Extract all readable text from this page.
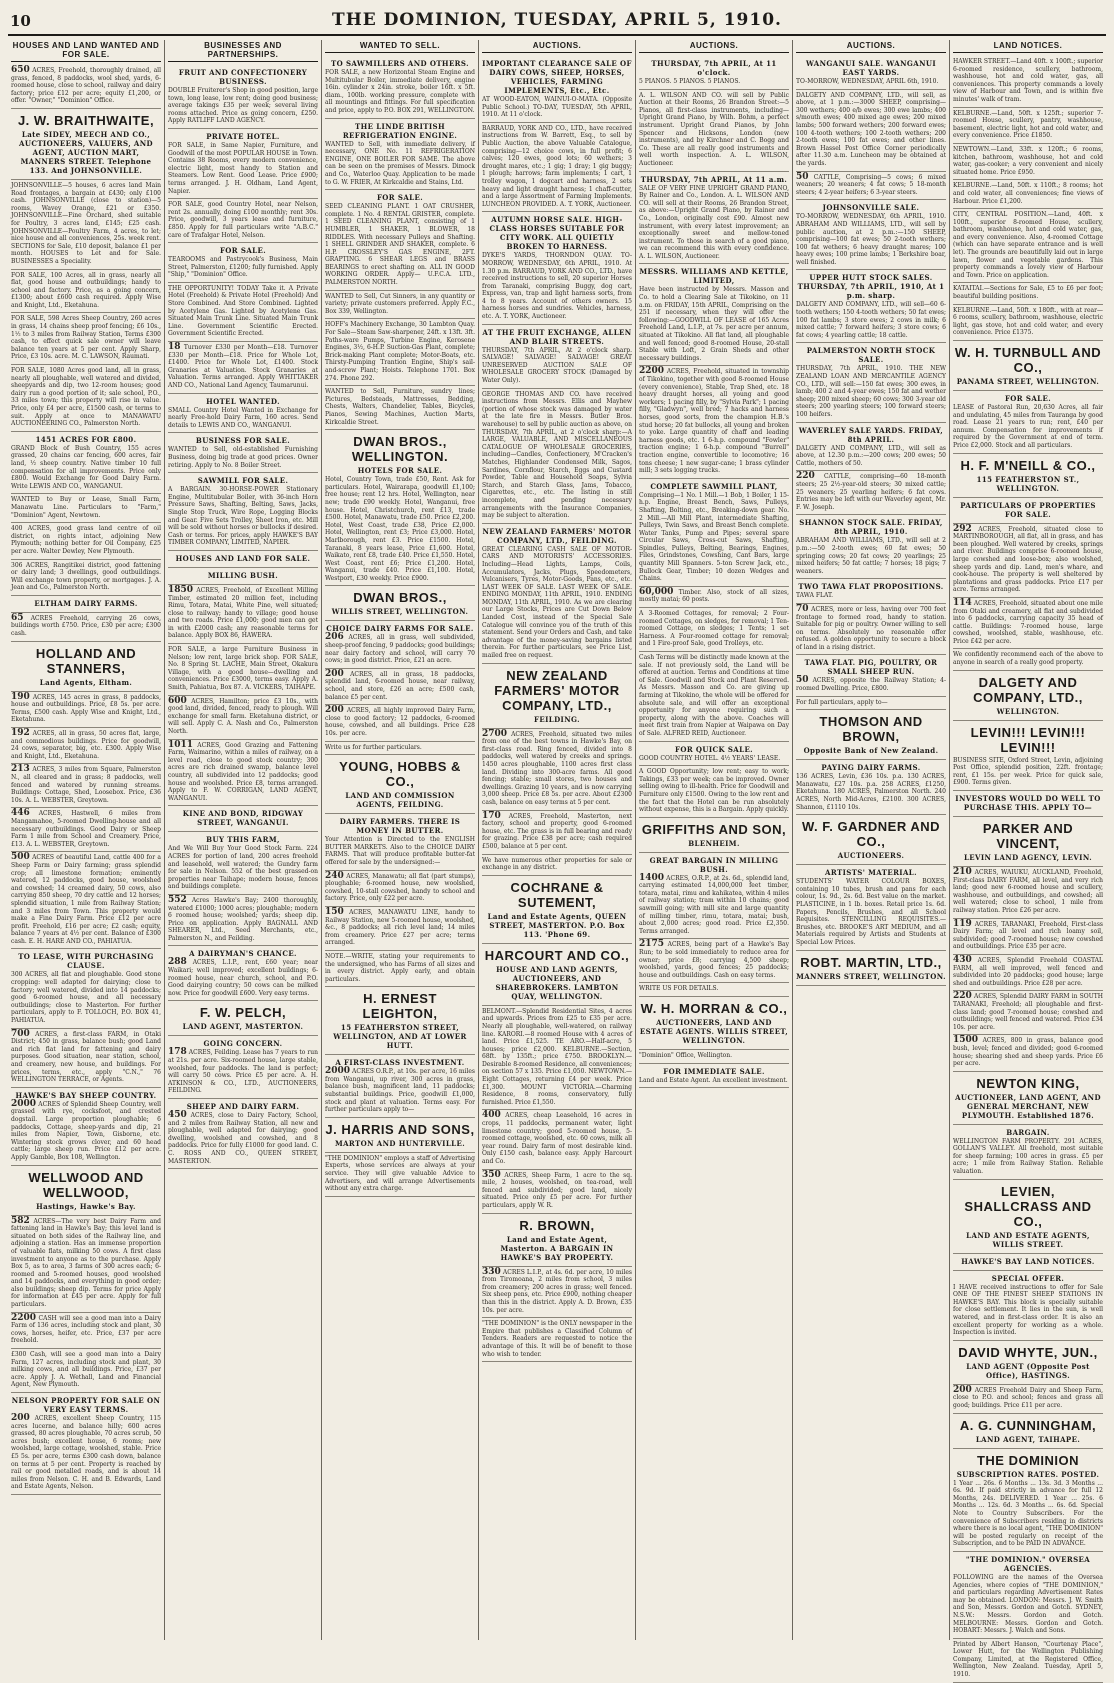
10	THE DOMINION, TUESDAY, APRIL 5, 1910.
HOUSES AND LAND WANTED AND FOR SALE.
650 ACRES, Freehold, thoroughly drained, all grass, fenced, 8 paddocks, wool shed, yards, 6-roomed house, close to school, railway and dairy factory; price £12 per acre; equity £1,200, or offer. "Owner," "Dominion" Office.
J. W. BRAITHWAITE,
Late SIDEY, MEECH AND CO., AUCTIONEERS, VALUERS, AND AGENT, AUCTION MART, MANNERS STREET. Telephone 133. And JOHNSONVILLE.
JOHNSONVILLE—5 houses, 6 acres land Main Road frontages, a bargain at £430; only £100 cash. JOHNSONVILLE (close to station)—5 rooms, Wavey Orange, £21 or £350. JOHNSONVILLE—Fine Orchard, shed suitable for Poultry, 3 acres land, £145; £25 cash. JOHNSONVILLE—Poultry Farm, 4 acres, to let; nice house and all conveniences, 25s. week rent. SECTIONS for Sale, £10 deposit, balance £1 per month. HOUSES to Let and for Sale. BUSINESSES a Speciality.
FOR SALE, 100 Acres, all in grass, nearly all flat, good house and outbuildings; handy to school and factory. Price, as a going concern, £1300; about £600 cash required. Apply Wise and Knight, Ltd., Eketahuna.
FOR SALE, 598 Acres Sheep Country, 260 acres in grass, 14 chains sheep proof fencing; £6 10s., 1½ to 3 miles from Railway Station, Terms £300 cash, to effect quick sale owner will leave balance ten years at 5 per cent. Apply Sharp, Price, £3 10s. acre. M. C. LAWSON, Raumati.
FOR SALE, 1080 Acres good land, all in grass, nearly all ploughable, well watered and divided, sheepyards and dip, two 12-room houses; good dairy run a good portion of it; sale school, P.O., 33 miles town; this property will rise in value. Price, only £4 per acre, £1500 cash, or terms to suit. Apply at once to MANAWATU AUCTIONEERING CO., Palmerston North.
1451 ACRES FOR £800.
GRAND Block of Bush Country, 155 acres grassed, 20 chains car fencing, 600 acres, fair land, ½ sheep country. Native timber 10 full compensation for all improvements. Price only £800. Would Exchange for Good Dairy Farm. Write LEWIS AND CO., WANGANUI.
WANTED to Buy or Lease, Small Farm, Manawatu Line. Particulars to "Farm," "Dominion" Agent, Newtown.
400 ACRES, good grass land centre of oil district, on rights intact, adjoining New Plymouth; nothing better for Oil Company, £25 per acre. Walter Dewley, New Plymouth.
306 ACRES, Rangitikei district, good fattening or dairy land; 3 dwellings, good outbuildings. Will exchange town property, or mortgages. J. A. Jean and Co., Palmerston North.
ELTHAM DAIRY FARMS.
65 ACRES Freehold, carrying 26 cows, buildings worth £750. Price, £30 per acre; £300 cash.
HOLLAND AND STANNERS,
Land Agents, Eltham.
190 ACRES, 145 acres in grass, 8 paddocks, house and outbuildings. Price, £8 5s. per acre. Terms, £500 cash. Apply Wise and Knight, Ltd., Eketahuna.
192 ACRES, all in grass, 50 acres flat, large, and commodious buildings. Price for goodwill, 24 cows, separator, big, etc. £300. Apply Wise and Knight, Ltd., Eketahuna.
213 ACRES, 3 miles from Square, Palmerston N., all cleared and in grass; 8 paddocks, well fenced and watered by running streams. Buildings: Cottage, Shed, Loosebox. Price, £36 10s. A. L. WEBSTER, Greytown.
446 ACRES, Hastwell, 6 miles from Mangamahoe, 5-roomed Dwelling-house and all necessary outbuildings. Good Dairy or Sheep Farm 1 mile from School and Creamery. Price, £13. A. L. WEBSTER, Greytown.
500 ACRES of beautiful Land, cattle 400 for a Sheep Farm or Dairy farming; grass splendid crop; all limestone formation; eminently watered, 12 paddocks, good house, woolshed and cowshed; 14 creamed dairy, 50 cows, also carrying 850 sheep, 70 dry cattle and 12 horses; splendid situation, 1 mile from Railway Station; and 3 miles from Town. This property would make a Fine Dairy Farm. Price £12 per acre profit. Freehold, £16 per acre; £2 cash; equity, balance 7 years at 4½ per cent. Balance of £300 cash. E. H. HARE AND CO., PAHIATUA.
TO LEASE, WITH PURCHASING CLAUSE.
300 ACRES, all flat and ploughable. Good stone cropping: well adapted for dairying; close to factory; well watered, divided into 14 paddocks; good 6-roomed house, and all necessary outbuildings; close to Masterton. For further particulars, apply to F. TOLLOCH, P.O. BOX 41, PAHIATUA.
700 ACRES, a first-class FARM, in Otaki District; 450 in grass, balance bush; good Land and rich flat land for fattening and dairy purposes. Good situation, near station, school, and creamery, new house, and buildings. For prices, terms, etc., apply "C.N.," 76 WELLINGTON TERRACE, or Agents.
HAWKE'S BAY SHEEP COUNTRY.
2000 ACRES of Splendid Sheep Country, well grassed with rye, cocksfoot, and crested dogstail. Large proportion ploughable; 6 paddocks, Cottage, sheep-yards and dip, 21 miles from Napier, Town, Gisborne, etc. Wintering stock grows clover, and 60 head cattle; large sheep run. Price £12 per acre. Apply Gamble, Box 108, Wellington.
WELLWOOD AND WELLWOOD,
Hastings, Hawke's Bay.
582 ACRES—The very best Dairy Farm and fattening land in Hawke's Bay; this level land is situated on both sides of the Railway line, and adjoining a station. Has an immense proportion of valuable flats, milking 50 cows. A first class investment to anyone as to the purchase. Apply Box 5, as to area, 3 farms of 300 acres each; 6-roomed and 5-roomed houses, good woolshed and 14 paddocks, and everything in good order; also buildings; sheep dip. Terms for price Apply for information at £45 per acre. Apply for full particulars.
2200 CASH will see a good man into a Dairy Farm of 136 acres, including stock and plant, 30 cows, horses, heifer, etc. Price, £37 per acre freehold.
£300 Cash, will see a good man into a Dairy Farm, 127 acres, including stock and plant, 30 milking cows, and all buildings. Price, £37 per acre. Apply J. A. Wethall, Land and Financial Agent, New Plymouth.
NELSON PROPERTY FOR SALE ON VERY EASY TERMS.
200 ACRES, excellent Sheep Country, 115 acres lucerne, and balance hilly; 600 acres grassed, 80 acres ploughable, 70 acres scrub, 50 acres bush; excellent house, 6 rooms; new woolshed, large cottage, woolshed, stable. Price £5 5s. per acre, terms £300 cash down, balance on terms at 5 per cent. Property is reached by rail or good metalled roads, and is about 14 miles from Nelson. C. H. and B. Edwards, Land and Estate Agents, Nelson.
BUSINESSES AND PARTNERSHIPS.
FRUIT AND CONFECTIONERY BUSINESS.
DOUBLE Fruiterer's Shop in good position, large town, long lease, low rent; doing good business; average takings £35 per week; several living rooms attached. Price as going concern, £250. Apply RATLIFF LAND AGENCY.
PRIVATE HOTEL.
FOR SALE, in Same Napier, Furniture, and Goodwill of the most POPULAR HOUSE in Town. Contains 38 Rooms, every modern convenience, electric light, most handy to Station and Steamers. Low Rent. Good Lease. Price £900; terms arranged. J. H. Oldham, Land Agent, Napier.
FOR SALE, good Country Hotel, near Nelson, rent 2s. annually, doing £100 monthly; rent 30s. Price, goodwill, 3 years lease and furniture, £850. Apply for full particulars write "A.B.C." care of Trafalgar Hotel, Nelson.
FOR SALE.
TEAROOMS and Pastrycook's Business, Main Street, Palmerston, £1200; fully furnished. Apply "Ship," "Dominion" Office.
THE OPPORTUNITY! TODAY Take it. A Private Hotel (Freehold) & Private Hotel (Freehold) And Store Combined. And Store Combined. Lighted by Acetylene Gas. Lighted by Acetylene Gas. Situated Main Trunk Line. Situated Main Trunk Line. Government Scientific Erected. Government Scientific Erected.
18 Turnover £330 per Month—£18. Turnover £330 per Month—£18. Price for Whole Lot, £1400. Price for Whole Lot, £1400. Stock Granaries at Valuation. Stock Granaries at Valuation. Terms arranged. Apply WHITTAKER AND CO., National Land Agency, Taumarunui.
HOTEL WANTED.
SMALL Country Hotel Wanted in Exchange for nearly Free-hold Dairy Farm, 160 acres. Send details to LEWIS AND CO., WANGANUI.
BUSINESS FOR SALE.
WANTED to Sell, old-established Furnishing Business, doing big trade at good prices. Owner retiring. Apply to No. 8 Boiler Street.
SAWMILL FOR SALE.
A BARGAIN. 30-HORSE-POWER Stationary Engine, Multitubular Boiler, with 36-inch Horn Pressure Saws, Shafting, Belting, Saws, Jacks, Single Stop Truck, Wire Rope, Logging Blocks and Gear. Five Sets Trolley, Sheet Iron, etc. Mill will be sold without horses or bullocks if desired. Cash or terms. For prices, apply HAWKE'S BAY TIMBER COMPANY, LIMITED, NAPIER.
HOUSES AND LAND FOR SALE.
MILLING BUSH.
1850 ACRES, Freehold, of Excellent Milling Timber, estimated 20 million feet, including Rimu, Totara, Matai, White Pine, well situated; close to railway; handy to village; good house and two roads. Price £1,000; good men can get in with £2000 cash; any reasonable terms for balance. Apply BOX 86, HAWERA.
FOR SALE, a large Furniture Business in Nelson; low rent, large brick shop. FOR SALE, No. 8 Spring St. LACHE, Main Street, Okakura Village, with a good house—dwelling and conveniences. Price £3000, terms easy. Apply A. Smith, Pahiatua, Box 87. A. VICKERS, TAIHAPE.
600 ACRES, Hamilton; price £3 10s., with good land, divided, fenced, ready to plough. Will exchange for small farm. Eketahuna district, or will sell. Apply C. A. Nash and Co., Palmerston North.
1011 ACRES, Good Grazing and Fattening Farm, Waimarino, within a miles of railway, on a level road, close to good stock country; 300 acres are rich drained swamp, balance level country, all subdivided into 12 paddocks; good house and woolshed. Price £8, terms arranged. Apply to F. W. CORRIGAN, LAND AGENT, WANGANUI.
KINE AND BOND, RIDGWAY STREET, WANGANUI.
BUY THIS FARM,
And We Will Buy Your Good Stock Farm. 224 ACRES for portion of land, 200 acres freehold and leasehold, well watered; the Gundry farm for sale in Nelson. 552 of the best grassed-on properties near Taihape; modern house, fences and buildings complete.
552 Acres Hawke's Bay; 2400 thoroughly, watered £1000; 1000 acres; ploughable; modern 6 roomed house; woolshed; yards; sheep dip. Price on application. Apply BAGNALL AND SHEARER, Ltd., Seed Merchants, etc., Palmerston N., and Feilding.
A DAIRYMAN'S CHANCE.
288 ACRES, L.I.P., rent, £60 year; near Waikari; well improved; excellent buildings; 6-roomed house, near church, school, and P.O. Good dairying country; 50 cows can be milked now. Price for goodwill £600. Very easy terms.
F. W. PELCH,
LAND AGENT, MASTERTON.
GOING CONCERN.
178 ACRES, Feilding. Lease has 7 years to run at 21s. per acre. Six-roomed house, large stable, woolshed, four paddocks. The land is perfect; will carry 50 cows. Price £5 per acre. A. H. ATKINSON & CO., LTD., AUCTIONEERS, FEILDING.
SHEEP AND DAIRY FARM.
450 ACRES, close to Dairy Factory, School, and 2 miles from Railway Station, all new and ploughable, well adapted for dairying; good dwelling, woolshed and cowshed, and 8 paddocks. Price for fully £1000 for good land. C. C. ROSS AND CO., QUEEN STREET, MASTERTON.
WANTED TO SELL.
TO SAWMILLERS AND OTHERS.
FOR SALE, a new Horizontal Steam Engine and Multitubular Boiler, immediate delivery, engine 16in. cylinder x 24in. stroke, boiler 16ft. x 5ft. diam., 100lb. working pressure, complete with all mountings and fittings. For full specification and price, apply to P.O. BOX 291, WELLINGTON.
THE LINDE BRITISH REFRIGERATION ENGINE.
WANTED to Sell, with immediate delivery, if necessary, ONE No. 11 REFRIGERATION ENGINE, ONE BOILER FOR SAME. The above can be seen on the premises of Messrs. Dimock and Co., Waterloo Quay. Application to be made to G. W. FRIER, At Kirkcaldie and Stains, Ltd.
FOR SALE.
SEED CLEANING PLANT. 1 OAT CRUSHER, complete. 1 No. 4 RENTAL GRISTER, complete. 1 SEED CLEANING PLANT, consisting of 1 HUMBLER, 1 SHAKER, 1 BLOWER, 18 RIDDLES. With necessary Pulleys and Shafting. 1 SHELL GRINDER AND SHAKER, complete. 6 H.P. CROSSLEY'S GAS ENGINE, 2FT. GRAPTING. 6 SHEAR LEGS and BRASS BEARINGS to erect shafting on. ALL IN GOOD WORKING ORDER. Apply— U.F.C.A. LTD., PALMERSTON NORTH.
WANTED to Sell, Cut Sinners, in any quantity or variety; private customers preferred. Apply F.C., Box 339, Wellington.
HOFF's Machinery Exchange, 30 Lambton Quay. For Sale—Steam Saw-sharpener, 24ft. x 13ft. 3ft. Paths-ware Pumps, Turbine Engine, Kerosene Engines, 3½, 6-H.P. Suction-Gas Plant, complete; Brick-making Plant complete; Motor-Boats, etc. Thirsty-Pumping Trantion Engine, Ship's sail-and-screw Plant; Hoists. Telephone 1701. Box 274. Phone 292.
WANTED to Sell, Furniture, sundry lines; Pictures, Bedsteads, Mattresses, Bedding, Chests, Walters, Chandelier, Tables, Bicycles, Pianos, Sewing Machines, Auction Marts, Kirkcaldie Street.
DWAN BROS., WELLINGTON.
HOTELS FOR SALE.
Hotel, Country Town, trade £50, Rent. Ask for particulars. Hotel, Wairarapa, goodwill £1,100; free house; rent 12 hrs. Hotel, Wellington, near new; trade £90 weekly. Hotel, Wanganui, free house. Hotel, Christchurch, rent £13, trade £500. Hotel, Manawatu, trade £50. Price £2,200. Hotel, West Coast, trade £38, Price £2,000. Hotel, Wellington, rent £3; Price £3,000. Hotel, Marlborough, rent £3. Price £1500. Hotel, Taranaki, 8 years lease, Price £1,600. Hotel, Waikato, rent £8, trade £40. Price £1,550. Hotel, West Coast, rent £6; Price £1,200. Hotel, Wanganui, trade £40. Price £1,100. Hotel, Westport, £30 weekly. Price £900.
DWAN BROS.,
WILLIS STREET, WELLINGTON.
CHOICE DAIRY FARMS FOR SALE.
206 ACRES, all in grass, well subdivided, sheep-proof fencing, 9 paddocks; good buildings; near dairy factory and school, will carry 70 cows; in good district. Price, £21 an acre.
200 ACRES, all in grass, 18 paddocks, splendid land, 6-roomed house, near railway, school, and store, £26 an acre; £500 cash, balance £5 per cent.
200 ACRES, all highly improved Dairy Farm, close to good factory; 12 paddocks, 6-roomed house, cowshed, and all buildings. Price £28 10s. per acre.
Write us for further particulars.
YOUNG, HOBBS & CO.,
LAND AND COMMISSION AGENTS, FEILDING.
DAIRY FARMERS. THERE IS MONEY IN BUTTER.
Your Attention is Directed to the ENGLISH BUTTER MARKETS. Also to the CHOICE DAIRY FARMS. That will produce profitable butter-fat offered for sale by the undersigned:—
240 ACRES, Manawatu; all flat (part stumps), ploughable; 6-roomed house, new woolshed, cowshed, 10-stall cowshed, handy to school and factory. Price, only £22 per acre.
150 ACRES, MANAWATU LINE, handy to Railway Station, new 5-roomed house, woolshed, &c., 8 paddocks; all rich level land; 14 miles from creamery. Price £27 per acre; terms arranged.
NOTE.—WRITE, stating your requirements to the undersigned, who has Farms of all sizes and in every district. Apply early, and obtain particulars.
H. ERNEST LEIGHTON,
15 FEATHERSTON STREET, WELLINGTON, AND AT LOWER HUTT.
A FIRST-CLASS INVESTMENT.
2000 ACRES O.R.P., at 10s. per acre, 16 miles from Wanganui, up river, 300 acres in grass, balance bush, magnificent land, 11 paddocks; substantial buildings. Price, goodwill £1,000, stock and plant at valuation. Terms easy. For further particulars apply to—
J. HARRIS AND SONS,
MARTON AND HUNTERVILLE.
"THE DOMINION" employs a staff of Advertising Experts, whose services are always at your service. They will give valuable Advice to Advertisers, and will arrange Advertisements without any extra charge.
AUCTIONS.
IMPORTANT CLEARANCE SALE OF DAIRY COWS, SHEEP, HORSES, VEHICLES, FARMING IMPLEMENTS, Etc., Etc.
AT WOOD-EATON, WAINUI-O-MATA. (Opposite Public School.) TO-DAY, TUESDAY, 5th APRIL, 1910. At 11 o'clock.
BARRAUD, YORK AND CO., LTD., have received instructions from W. Barrett, Esq., to sell by Public Auction, the above Valuable Catalogue, comprising—12 choice cows, in full profit; 6 calves; 120 ewes, good lots; 60 wethers; 3 drought mares, etc.; 1 gig; 1 dray; 1 gig buggy; 1 plough; harrows; farm implements; 1 cart, 1 trolley wagon, 1 dogcart and harness, 2 sets heavy and light draught harness; 1 chaff-cutter, and a large Assortment of Farming Implements. LUNCHEON PROVIDED. A. T. YORK, Auctioneer.
AUTUMN HORSE SALE. HIGH-CLASS HORSES SUITABLE FOR CITY WORK. ALL QUIETLY BROKEN TO HARNESS.
DYKE'S YARDS, THORNDON QUAY. TO-MORROW, WEDNESDAY, 6th APRIL, 1910. At 1.30 p.m. BARRAUD, YORK AND CO., LTD., have received instructions to sell, 20 superior Horses from Taranaki, comprising Buggy, dog cart, Express, van, trap and light harness sorts, from 4 to 8 years. Account of others owners. 15 harness horses and sundries. Vehicles, harness, etc. A. T. YORK, Auctioneer.
AT THE FRUIT EXCHANGE, ALLEN AND BLAIR STREETS.
THURSDAY, 7th APRIL, At 2 o'clock sharp. SALVAGE! SALVAGE! SALVAGE! GREAT UNRESERVED AUCTION SALE OF WHOLESALE GROCERY STOCK (Damaged by Water Only).
GEORGE THOMAS AND CO. have received instructions from Messrs. Ellis and Mayhew (portion of whose stock was damaged by water at the late fire in Messrs. Butler Bros. warehouse) to sell by public auction as above, on THURSDAY, 7th APRIL, at 2 o'clock sharp:—A LARGE, VALUABLE, AND MISCELLANEOUS CATALOGUE OF WHOLESALE GROCERIES, including—Candles, Confectionery, M'Cracken's Matches, Highlander Condensed Milk, Sagos, Sardines, Cornflour, Starch, Eggs and Custard Powder, Table and Household Soaps, Sylvia Starch, and Starch Glass, Jams, Tobacco, Cigarettes, etc., etc. The listing in still incomplete, and pending necessary arrangements with the Insurance Companies, may be subject to alteration.
NEW ZEALAND FARMERS' MOTOR COMPANY, LTD., FEILDING.
GREAT CLEARING CASH SALE OF MOTOR-CARS AND MOTORISTS' ACCESSORIES. Including—Head Lights, Lamps, Coils, Accumulators, Jacks, Plugs, Speedometers, Vulcanisers, Tyres, Motor-Goods, Pans, etc., etc. LAST WEEK OF SALE. LAST WEEK OF SALE. ENDING MONDAY, 11th APRIL, 1910. ENDING MONDAY, 11th APRIL, 1910. As we are clearing our Large Stocks, Prices are Cut Down Below Landed Cost, instead of the Special Sale Catalogue will convince you of the truth of this statement. Send your Orders and Cash, and take advantage of the money-saving bargains listed therein. For further particulars, see Price List, mailed free on request.
NEW ZEALAND FARMERS' MOTOR COMPANY, LTD.,
FEILDING.
2700 ACRES, Freehold, situated two miles from one of the best towns in Hawke's Bay, on first-class road. Ring fenced, divided into 8 paddocks, well watered by creeks and springs. 1450 acres ploughable, 1100 acres first class land. Dividing into 300-acre farms. All good fencing; stable; small stores, two houses and dwellings. Grazing 10 years, and is now carrying 3,000 sheep. Price £8 5s. per acre. About £2300 cash, balance on easy terms at 5 per cent.
170 ACRES, Freehold, Masterton, next factory, school and property, good 6-roomed house, etc. The grass is in full bearing and ready for grazing. Price £38 per acre; cash required £500, balance at 5 per cent.
We have numerous other properties for sale or exchange in any district.
COCHRANE & SUTEMENT,
Land and Estate Agents, QUEEN STREET, MASTERTON. P.O. Box 113. 'Phone 69.
HARCOURT AND CO.,
HOUSE AND LAND AGENTS, AUCTIONEERS, AND SHAREBROKERS. LAMBTON QUAY, WELLINGTON.
BELMONT.—Splendid Residential Sites, 4 acres and upwards. Prices from £25 to £35 per acre. Nearly all ploughable, well-watered, on railway line. KARORI.—8 roomed House with 4 acres of land. Price £1,525. TE ARO.—Half-acre, 5 houses; price £2,000. KELBURNE.—Section, 68ft. by 135ft.; price £750. BROOKLYN.—Desirable 8-roomed Residence, all conveniences; on section 57 x 135. Price £1,050. NEWTOWN.—Eight Cottages, returning £4 per week. Price £1,300. MOUNT VICTORIA.—Charming Residence, 8 rooms, conservatory, fully furnished. Price £1,550.
400 ACRES, cheap Leasehold, 16 acres in crops, 11 paddocks, permanent water, light limestone country; good 5-roomed house, 5-roomed cottage, woolshed, etc. 60 cows, milk all year round. Dairy farm of most desirable kind. Only £150 cash, balance easy. Apply Harcourt and Co.
350 ACRES, Sheep Farm, 1 acre to the sq. mile, 2 houses, woolshed, on tea-road, well fenced and subdivided; good land, nicely situated. Price only £5 per acre. For further particulars, apply W. R.
R. BROWN,
Land and Estate Agent, Masterton. A BARGAIN IN HAWKE'S BAY PROPERTY.
330 ACRES L.I.P., at 4s. 6d. per acre, 10 miles from Tiromoana, 2 miles from school, 3 miles from creamery; 200 acres in grass; well fenced. Six sheep pens, etc. Price £900, nothing cheaper than this in the district. Apply A. D. Brown, £35 10s. per acre.
"THE DOMINION" is the ONLY newspaper in the Empire that publishes a Classified Column of Tenders. Readers are requested to notice the advantage of this. It will be of benefit to those who wish to tender.
AUCTIONS.
THURSDAY, 7th APRIL, At 11 o'clock.
5 PIANOS. 5 PIANOS. 5 PIANOS.
A. L. WILSON AND CO. will sell by Public Auction at their Rooms, 26 Brandon Street:—5 Pianos, all first-class instruments, including—Upright Grand Piano, by Wilh. Bohm, a perfect instrument. Upright Grand Pianos, by John Spencer and Hicksons, London (new instruments), and by Kirchner and C. Bogg and Co. These are all really good instruments and well worth inspection. A. L. WILSON, Auctioneer.
THURSDAY, 7th APRIL, At 11 a.m.
SALE OF VERY FINE UPRIGHT GRAND PIANO, By Rainer and Co., London. A. L. WILSON AND CO. will sell at their Rooms, 26 Brandon Street, as above:—Upright Grand Piano, by Rainer and Co., London, originally cost £90. Almost new instrument, with every latest improvement; an exceptionally sweet and mellow-toned instrument. To those in search of a good piano, we can recommend this with every confidence. A. L. WILSON, Auctioneer.
MESSRS. WILLIAMS AND KETTLE, LIMITED,
Have been instructed by Messrs. Masson and Co. to hold a Clearing Sale at Tikokino, on 11 a.m. on FRIDAY, 15th APRIL, Comprising on the 251 if necessary, when they will offer the following:—GOODWILL OF LEASE of 165 Acres Freehold Land, L.I.P., at 7s. per acre per annum, situated at Tikokino. All flat land, all ploughable and well fenced; good 8-roomed House, 20-stall Stable with Loft, 2 Grain Sheds and other necessary buildings.
2200 ACRES, Freehold, situated in township of Tikokino, together with good 8-roomed House (every convenience), Stable, Trap Shed, etc. 18 heavy draught horses, all young and good workers; 1 pacing filly, by "Sylvia Park"; 1 pacing filly, "Gladwyn", well bred; 7 hacks and harness horses, good sorts, from the champion H.B.'s stud horse; 20 fat bullocks, all young and broken to yoke. Large quantity of chaff and leading harness goods, etc. 1 6-h.p. compound "Fowler" traction engine; 1 6-h.p. compound "Burrell" traction engine, convertible to locomotive; 16 tons cheese; 1 new sugar-cane; 1 brass cylinder mill; 3 sets logging trucks.
COMPLETE SAWMILL PLANT,
Comprising—1 No. 1 Mill.—1 Bob, 1 Boiler, 1 15-h.p. Engine, Breast Bench, Saws, Pulleys, Shafting, Bolting, etc., Breaking-down gear. No. 2 Mill.—All Mill Plant, intermediate Shafting, Pulleys, Twin Saws, and Breast Bench complete. Water Tanks, Pump and Pipes; several spare Circular Saws, Cross-cut Saws, Shafting, Spindles, Pulleys, Belting, Bearings, Engines, Files, Grindstones, Cowshing, Cant Bars, large quantity Mill Spanners. 5-ton Screw Jack, etc., Bullock Gear, Timber; 10 dozen Wedges and Chains.
60,000 Timber. Also, stock of all sizes, mostly matai; 60 posts.
A 3-Roomed Cottages, for removal; 2 Four-roomed Cottages, on sledges, for removal; 1 Ten-roomed Cottage, on sledges; 1 Tents; 1 set Harness. A Four-roomed cottage for removal; and 1 Fire-proof Sale, good Trolleys, etc.
Cash Terms will be distinctly made known at the sale. If not previously sold, the Land will be offered at auction. Terms and Conditions at time of Sale. Goodwill and Stock and Plant Reserved. As Messrs. Masson and Co. are giving up farming at Tikokino, the whole will be offered for absolute sale, and will offer an exceptional opportunity for anyone requiring such a property, along with the above. Coaches will meet first train from Napier at Waipawa on Day of Sale. ALFRED REID, Auctioneer.
FOR QUICK SALE.
GOOD COUNTRY HOTEL. 4½ YEARS' LEASE.
A GOOD Opportunity; low rent; easy to work; Takings, £33 per week; can be improved. Owner selling owing to ill-health. Price for Goodwill and Furniture only £1500. Owing to the low rent and the fact that the Hotel can be run absolutely without expense, this is a Bargain. Apply quickly.
GRIFFITHS AND SON,
BLENHEIM.
GREAT BARGAIN IN MILLING BUSH.
1400 ACRES, O.R.P., at 2s. 6d., splendid land, carrying estimated 14,000,000 feet timber, totara, matai, rimu and kahikatea, within 4 miles of railway station; tram within 10 chains; good sawmill going; with mill site and large quantity of milling timber, rimu, totara, matai; bush, about 2,000 acres; good road. Price £2,350. Terms arranged.
2175 ACRES, being part of a Hawke's Bay Run; to be sold immediately to reduce area for owner; price £8; carrying 4,500 sheep; woolshed, yards, good fences; 25 paddocks; house and outbuildings. Cash on easy terms.
WRITE US FOR DETAILS.
W. H. MORRAN & CO.,
AUCTIONEERS, LAND AND ESTATE AGENTS. WILLIS STREET, WELLINGTON.
"Dominion" Office, Wellington.
FOR IMMEDIATE SALE.
Land and Estate Agent. An excellent investment.
AUCTIONS.
WANGANUI SALE. WANGANUI EAST YARDS.
TO-MORROW, WEDNESDAY, APRIL 6th, 1910.
DALGETY AND COMPANY, LTD., will sell, as above, at 1 p.m.:—3000 SHEEP, comprising—300 wethers; 400 e/b ewes; 300 ewe lambs; 400 s/mouth ewes; 400 mixed age ewes; 200 mixed lambs; 500 forward wethers; 200 forward ewes; 100 4-tooth wethers; 100 2-tooth wethers; 200 2-tooth ewes; 100 fat ewes; and other lines. Brown Hassel Post Office Corner periodically after 11.30 a.m. Luncheon may be obtained at the yards.
50 CATTLE, Comprising—5 cows; 6 mixed weaners; 20 weaners; 4 fat cows; 5 18-month steers; 4 2-year heifers; 6 3-year steers.
JOHNSONVILLE SALE.
TO-MORROW, WEDNESDAY, 6th APRIL, 1910. ABRAHAM AND WILLIAMS, LTD., will sell by public auction, at 2 p.m.:—150 SHEEP, comprising—100 fat ewes; 50 2-tooth wethers; 100 fat wethers; 6 heavy draught mares; 100 heavy ewes; 100 prime lambs; 1 Berkshire boar, well finished.
UPPER HUTT STOCK SALES. THURSDAY, 7th APRIL, 1910, At 1 p.m. sharp.
DALGETY AND COMPANY, LTD., will sell—60 6-tooth wethers; 150 4-tooth wethers; 50 fat ewes; 100 fat lambs; 3 store ewes; 2 cows in milk; 6 mixed cattle; 7 forward heifers; 3 store cows; 6 fat cows; 4 yearling cattle; 18 cattle.
PALMERSTON NORTH STOCK SALE.
THURSDAY, 7th APRIL, 1910. THE NEW ZEALAND LOAN AND MERCANTILE AGENCY CO., LTD., will sell:—150 fat ewes; 300 ewes, in lamb; 400 2 and 4-year ewes; 150 fat and wether sheep; 200 mixed sheep; 60 cows; 300 3-year old steers; 200 yearling steers; 100 forward steers; 100 heifers.
WAVERLEY SALE YARDS. FRIDAY, 8th APRIL.
DALGETY AND COMPANY, LTD., will sell as above, at 12.30 p.m.:—200 cows; 200 ewes; 50 Cattle, mothers of 50.
220 CATTLE, comprising—60 18-month steers; 25 2½-year-old steers; 30 mixed cattle; 25 weaners; 25 yearling heifers; 6 fat cows. Entries may be left with our Waverley agent, Mr. F. W. Joseph.
SHANNON STOCK SALE. FRIDAY, 8th APRIL, 1910.
ABRAHAM AND WILLIAMS, LTD., will sell at 2 p.m.:—50 2-tooth ewes; 60 fat ewes; 50 springing cows; 20 fat cows; 20 yearlings; 25 mixed heifers; 50 fat cattle; 7 horses; 18 pigs; 7 weaners.
TWO TAWA FLAT PROPOSITIONS.
TAWA FLAT.
70 ACRES, more or less, having over 700 feet frontage to formed road, handy to station. Suitable for pig or poultry. Owner willing to sell on terms. Absolutely no reasonable offer refused. A golden opportunity to secure a block of land in a rising district.
TAWA FLAT. PIG, POULTRY, OR SMALL SHEEP RUN.
50 ACRES, opposite the Railway Station; 4-roomed Dwelling. Price, £800.
For full particulars, apply to—
THOMSON AND BROWN,
Opposite Bank of New Zealand.
PAYING DAIRY FARMS.
136 ACRES, Levin, £36 10s. p.a. 130 ACRES, Manawatu, £27 10s. p.a. 258 ACRES, £1250, Eketahuna. 180 ACRES, Palmerston North. 240 ACRES, North Mid-Acres, £2100. 300 ACRES, Shannon, £1110 10s.
W. F. GARDNER AND CO.,
AUCTIONEERS.
ARTISTS' MATERIAL.
STUDENTS' WATER COLOUR BOXES, containing 10 tubes, brush and pans for each colour, 1s. 9d., 2s. 6d. Best value on the market. PLASTICINE, in 1 lb. boxes. Retail price 1s. 6d. Papers, Pencils, Brushes, and all School Requisites. STENCILLING REQUISITES.—Brushes, etc. BROOKE'S ART MEDIUM, and all Materials required by Artists and Students at Special Low Prices.
ROBT. MARTIN, LTD.,
MANNERS STREET, WELLINGTON.
LAND NOTICES.
HAWKER STREET.—Land 40ft. x 100ft.; superior 6-roomed residence, scullery, bathroom, washhouse, hot and cold water, gas, all conveniences. This property commands a lovely view of Harbour and Town, and is within five minutes' walk of tram.
KELBURNE.—Land, 50ft. x 125ft.; superior 7-roomed House, scullery, pantry, washhouse, basement, electric light, hot and cold water, and every convenience. Price £1850.
NEWTOWN.—Land, 33ft. x 120ft.; 6 rooms, kitchen, bathroom, washhouse, hot and cold water, gas-cooker; a very convenient and nicely situated home. Price £950.
KELBURNE.—Land, 50ft. x 110ft.; 8 rooms; hot and cold water, all conveniences; fine views of Harbour. Price £1,200.
CITY, CENTRAL POSITION.—Land, 40ft. x 100ft., superior 8-roomed House, scullery, bathroom, washhouse, hot and cold water, gas, and every convenience. Also, 4-roomed Cottage (which can have separate entrance and is well let). The grounds are beautifully laid out in large lawn, flower and vegetable gardens. This property commands a lovely view of Harbour and Town. Price on application.
KATAITAI.—Sections for Sale, £5 to £6 per foot; beautiful building positions.
KELBURNE.—Land, 50ft. x 180ft., with at rear—6 rooms, scullery, bathroom, washhouse, electric light, gas stove, hot and cold water, and every convenience. Price £1375.
W. H. TURNBULL AND CO.,
PANAMA STREET, WELLINGTON.
FOR SALE.
LEASE of Pastoral Run, 20,630 Acres, all fair and undulating, 45 miles from Tauranga by good road. Lease 21 years to run; rent, £40 per annum. Compensation for improvements if required by the Government at end of term. Price £2,000. Stock and all particulars.
H. F. M'NEILL & CO.,
115 FEATHERSTON ST., WELLINGTON.
PARTICULARS OF PROPERTIES FOR SALE.
292 ACRES, Freehold, situated close to MARTINBOROUGH, all flat, all in grass, and has been ploughed. Well watered by creeks, springs and river. Buildings comprise 6-roomed house, large cowshed and loose-box; also woolshed, sheep yards and dip. Land, men's whare, and cook-house. The property is well sheltered by plantations and grass paddocks. Price £17 per acre. Terms arranged.
114 ACRES, Freehold, situated about one mile from Otaki and creamery, all flat and subdivided into 6 paddocks, carrying capacity 35 head of cattle. Buildings: 7-roomed house, large cowshed, woolshed, stable, washhouse, etc. Price £42 per acre.
We confidently recommend each of the above to anyone in search of a really good property.
DALGETY AND COMPANY, LTD.,
WELLINGTON.
LEVIN!!! LEVIN!!! LEVIN!!!
BUSINESS SITE, Oxford Street, Levin, adjoining Post Office, splendid position, 22ft. frontage; rent, £1 15s. per week. Price for quick sale, £900. Terms given.
INVESTORS WOULD DO WELL TO PURCHASE THIS. APPLY TO—
PARKER AND VINCENT,
LEVIN LAND AGENCY, LEVIN.
210 ACRES, WAIUKU, AUCKLAND, Freehold, First-class DAIRY FARM, all level, and very rich land; good new 6-roomed house and scullery, washhouse, and outbuildings, and cowshed; all well watered; close to school, 1 mile from railway station. Price £26 per acre.
119 ACRES, TARANAKI, Freehold, First-class Dairy Farm; all level and rich loamy soil, subdivided; good 7-roomed house; new cowshed and outbuildings. Price £35 per acre.
430 ACRES, Splendid Freehold COASTAL FARM, all well improved, well fenced and subdivided into 20 paddocks; good house; large shed and outbuildings. Price £28 per acre.
220 ACRES, Splendid DAIRY FARM in SOUTH TARANAKI, Freehold; all ploughable and first-class land; good 7-roomed house; cowshed and outbuildings; well fenced and watered. Price £34 10s. per acre.
1500 ACRES, 800 in grass, balance good bush, level; fenced and divided; good 6-roomed house; shearing shed and sheep yards. Price £6 per acre.
NEWTON KING,
AUCTIONEER, LAND AGENT, AND GENERAL MERCHANT, NEW PLYMOUTH. Established 1876.
BARGAIN.
WELLINGTON FARM PROPERTY. 291 ACRES, GOLLAN'S VALLEY. All freehold, most suitable for sheep farming; 100 acres in grass. £5 per acre; 1 mile from Railway Station. Reliable valuation.
LEVIEN, SHALLCRASS AND CO.,
LAND AND ESTATE AGENTS, WILLIS STREET.
HAWKE'S BAY LAND NOTICES.
SPECIAL OFFER.
I HAVE received instructions to offer for Sale ONE OF THE FINEST SHEEP STATIONS IN HAWKE'S BAY. This block is specially suitable for close settlement. It lies in the sun, is well watered, and in first-class order. It is also an excellent property for working as a whole. Inspection is invited.
DAVID WHYTE, JUN.,
LAND AGENT (Opposite Post Office), HASTINGS.
200 ACRES Freehold Dairy and Sheep Farm, close to P.O. and school; fences and grass all good; buildings. Price £11 per acre.
A. G. CUNNINGHAM,
LAND AGENT, TAIHAPE.
THE DOMINION
SUBSCRIPTION RATES. POSTED.
1 Year ... 26s. 6 Months ... 13s. 3d. 3 Months ... 6s. 9d. If paid strictly in advance for full 12 Months, 24s. DELIVERED. 1 Year ... 25s. 6 Months ... 12s. 6d. 3 Months ... 6s. 6d. Special Note to Country Subscribers. For the convenience of Subscribers residing in districts where there is no local agent, "THE DOMINION" will be posted regularly on receipt of the Subscription, and to be PAID IN ADVANCE.
"THE DOMINION." OVERSEA AGENCIES.
FOLLOWING are the names of the Oversea Agencies, where copies of "THE DOMINION," and particulars regarding Advertisement Rates may be obtained. LONDON: Messrs. J. W. Smith and Son, Messrs. Gordon and Gotch. SYDNEY, N.S.W.: Messrs. Gordon and Gotch. MELBOURNE: Messrs. Gordon and Gotch. HOBART: Messrs. J. Walch and Sons.
Printed by Albert Hanson, "Courtenay Place", Lower Hutt, for the Wellington Publishing Company, Limited, at the Registered Office, Wellington, New Zealand. Tuesday, April 5, 1910.
